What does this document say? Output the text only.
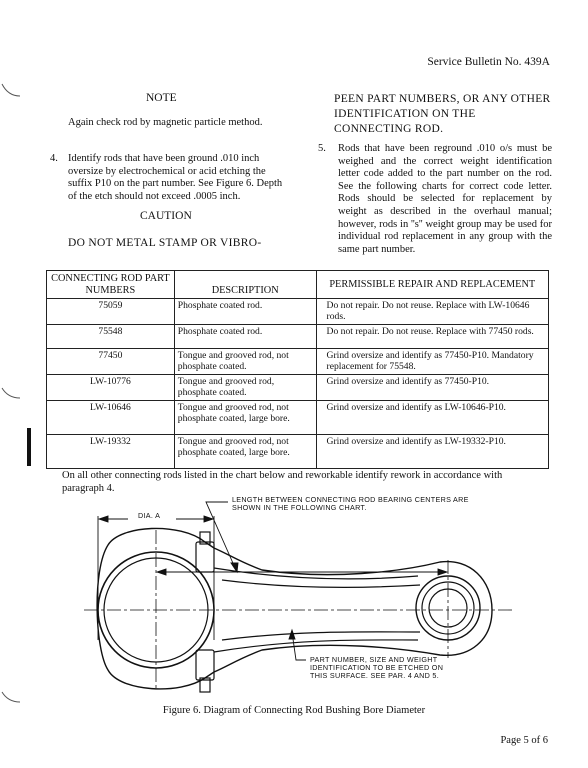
Service Bulletin No. 439A
NOTE
Again check rod by magnetic particle method.
4. Identify rods that have been ground .010 inch oversize by electrochemical or acid etching the suffix P10 on the part number. See Figure 6. Depth of the etch should not exceed .0005 inch.
CAUTION
DO NOT METAL STAMP OR VIBRO-
PEEN PART NUMBERS, OR ANY OTHER IDENTIFICATION ON THE CONNECTING ROD.
5. Rods that have been reground .010 o/s must be weighed and the correct weight identification letter code added to the part number on the rod. See the following charts for correct code letter. Rods should be selected for replacement by weight as described in the overhaul manual; however, rods in ''s'' weight group may be used for individual rod replacement in any group with the same part number.
CONNECTING ROD PART NUMBERS	DESCRIPTION	PERMISSIBLE REPAIR AND REPLACEMENT
75059	Phosphate coated rod.	Do not repair. Do not reuse. Replace with LW-10646 rods.
75548	Phosphate coated rod.	Do not repair. Do not reuse. Replace with 77450 rods.
77450	Tongue and grooved rod, not phosphate coated.	Grind oversize and identify as 77450-P10. Mandatory replacement for 75548.
LW-10776	Tongue and grooved rod, phosphate coated.	Grind oversize and identify as 77450-P10.
LW-10646	Tongue and grooved rod, not phosphate coated, large bore.	Grind oversize and identify as LW-10646-P10.
LW-19332	Tongue and grooved rod, not phosphate coated, large bore.	Grind oversize and identify as LW-19332-P10.
On all other connecting rods listed in the chart below and reworkable identify rework in accordance with paragraph 4.
LENGTH BETWEEN CONNECTING ROD BEARING CENTERS ARE SHOWN IN THE FOLLOWING CHART.
DIA. A
PART NUMBER, SIZE AND WEIGHT IDENTIFICATION TO BE ETCHED ON THIS SURFACE. SEE PAR. 4 AND 5.
Figure 6. Diagram of Connecting Rod Bushing Bore Diameter
Page 5 of 6
